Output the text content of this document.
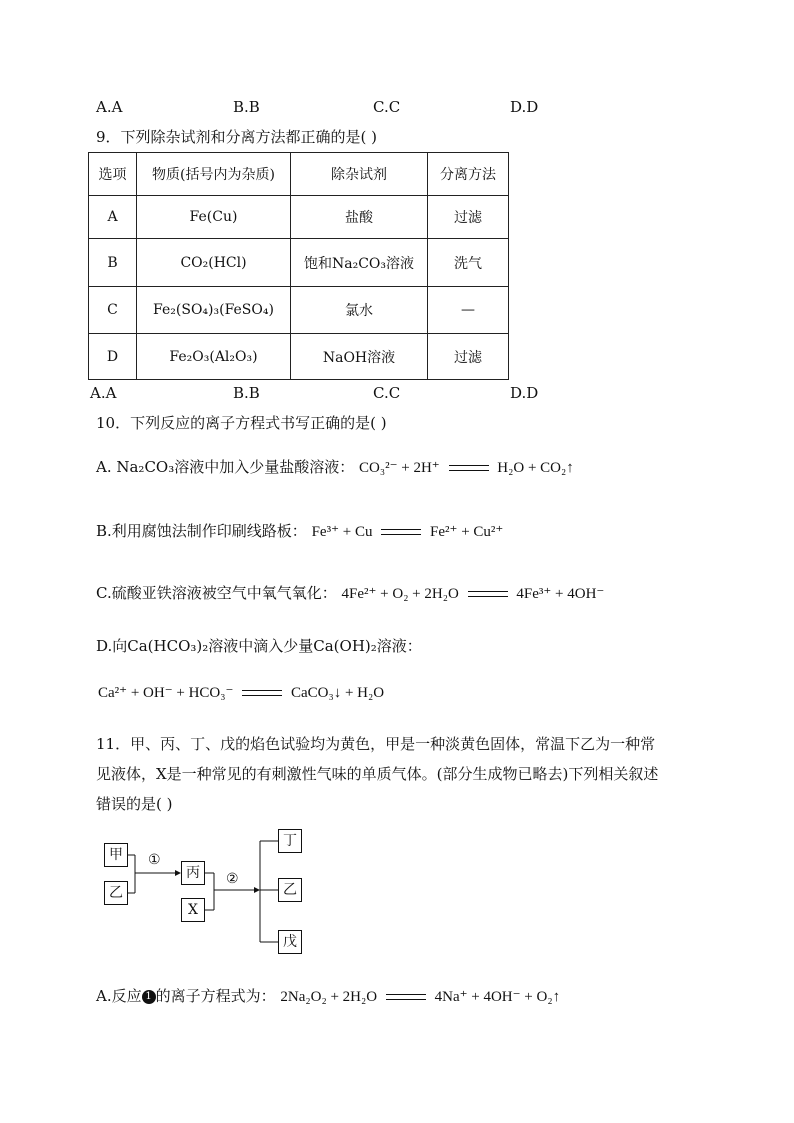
A.A	B.B	C.C	D.D
9．下列除杂试剂和分离方法都正确的是( )
选项	物质(括号内为杂质)	除杂试剂	分离方法
A	Fe(Cu)	盐酸	过滤
B	CO₂(HCl)	饱和Na₂CO₃溶液	洗气
C	Fe₂(SO₄)₃(FeSO₄)	氯水	—
D	Fe₂O₃(Al₂O₃)	NaOH溶液	过滤
A.A	B.B	C.C	D.D
10．下列反应的离子方程式书写正确的是( )
A. Na₂CO₃溶液中加入少量盐酸溶液： CO₃²⁻ + 2H⁺	H₂O + CO₂↑
B.利用腐蚀法制作印刷线路板： Fe³⁺ + Cu	Fe²⁺ + Cu²⁺
C.硫酸亚铁溶液被空气中氧气氧化： 4Fe²⁺ + O₂ + 2H₂O	4Fe³⁺ + 4OH⁻
D.向Ca(HCO₃)₂溶液中滴入少量Ca(OH)₂溶液：
Ca²⁺ + OH⁻ + HCO₃⁻	CaCO₃↓ + H₂O
11．甲、丙、丁、戊的焰色试验均为黄色，甲是一种淡黄色固体，常温下乙为一种常
见液体，X是一种常见的有刺激性气味的单质气体。(部分生成物已略去)下列相关叙述
错误的是( )
甲
乙
①
丙
X
②
丁
乙
戊
A.反应 1 的离子方程式为： 2Na₂O₂ + 2H₂O	4Na⁺ + 4OH⁻ + O₂↑
